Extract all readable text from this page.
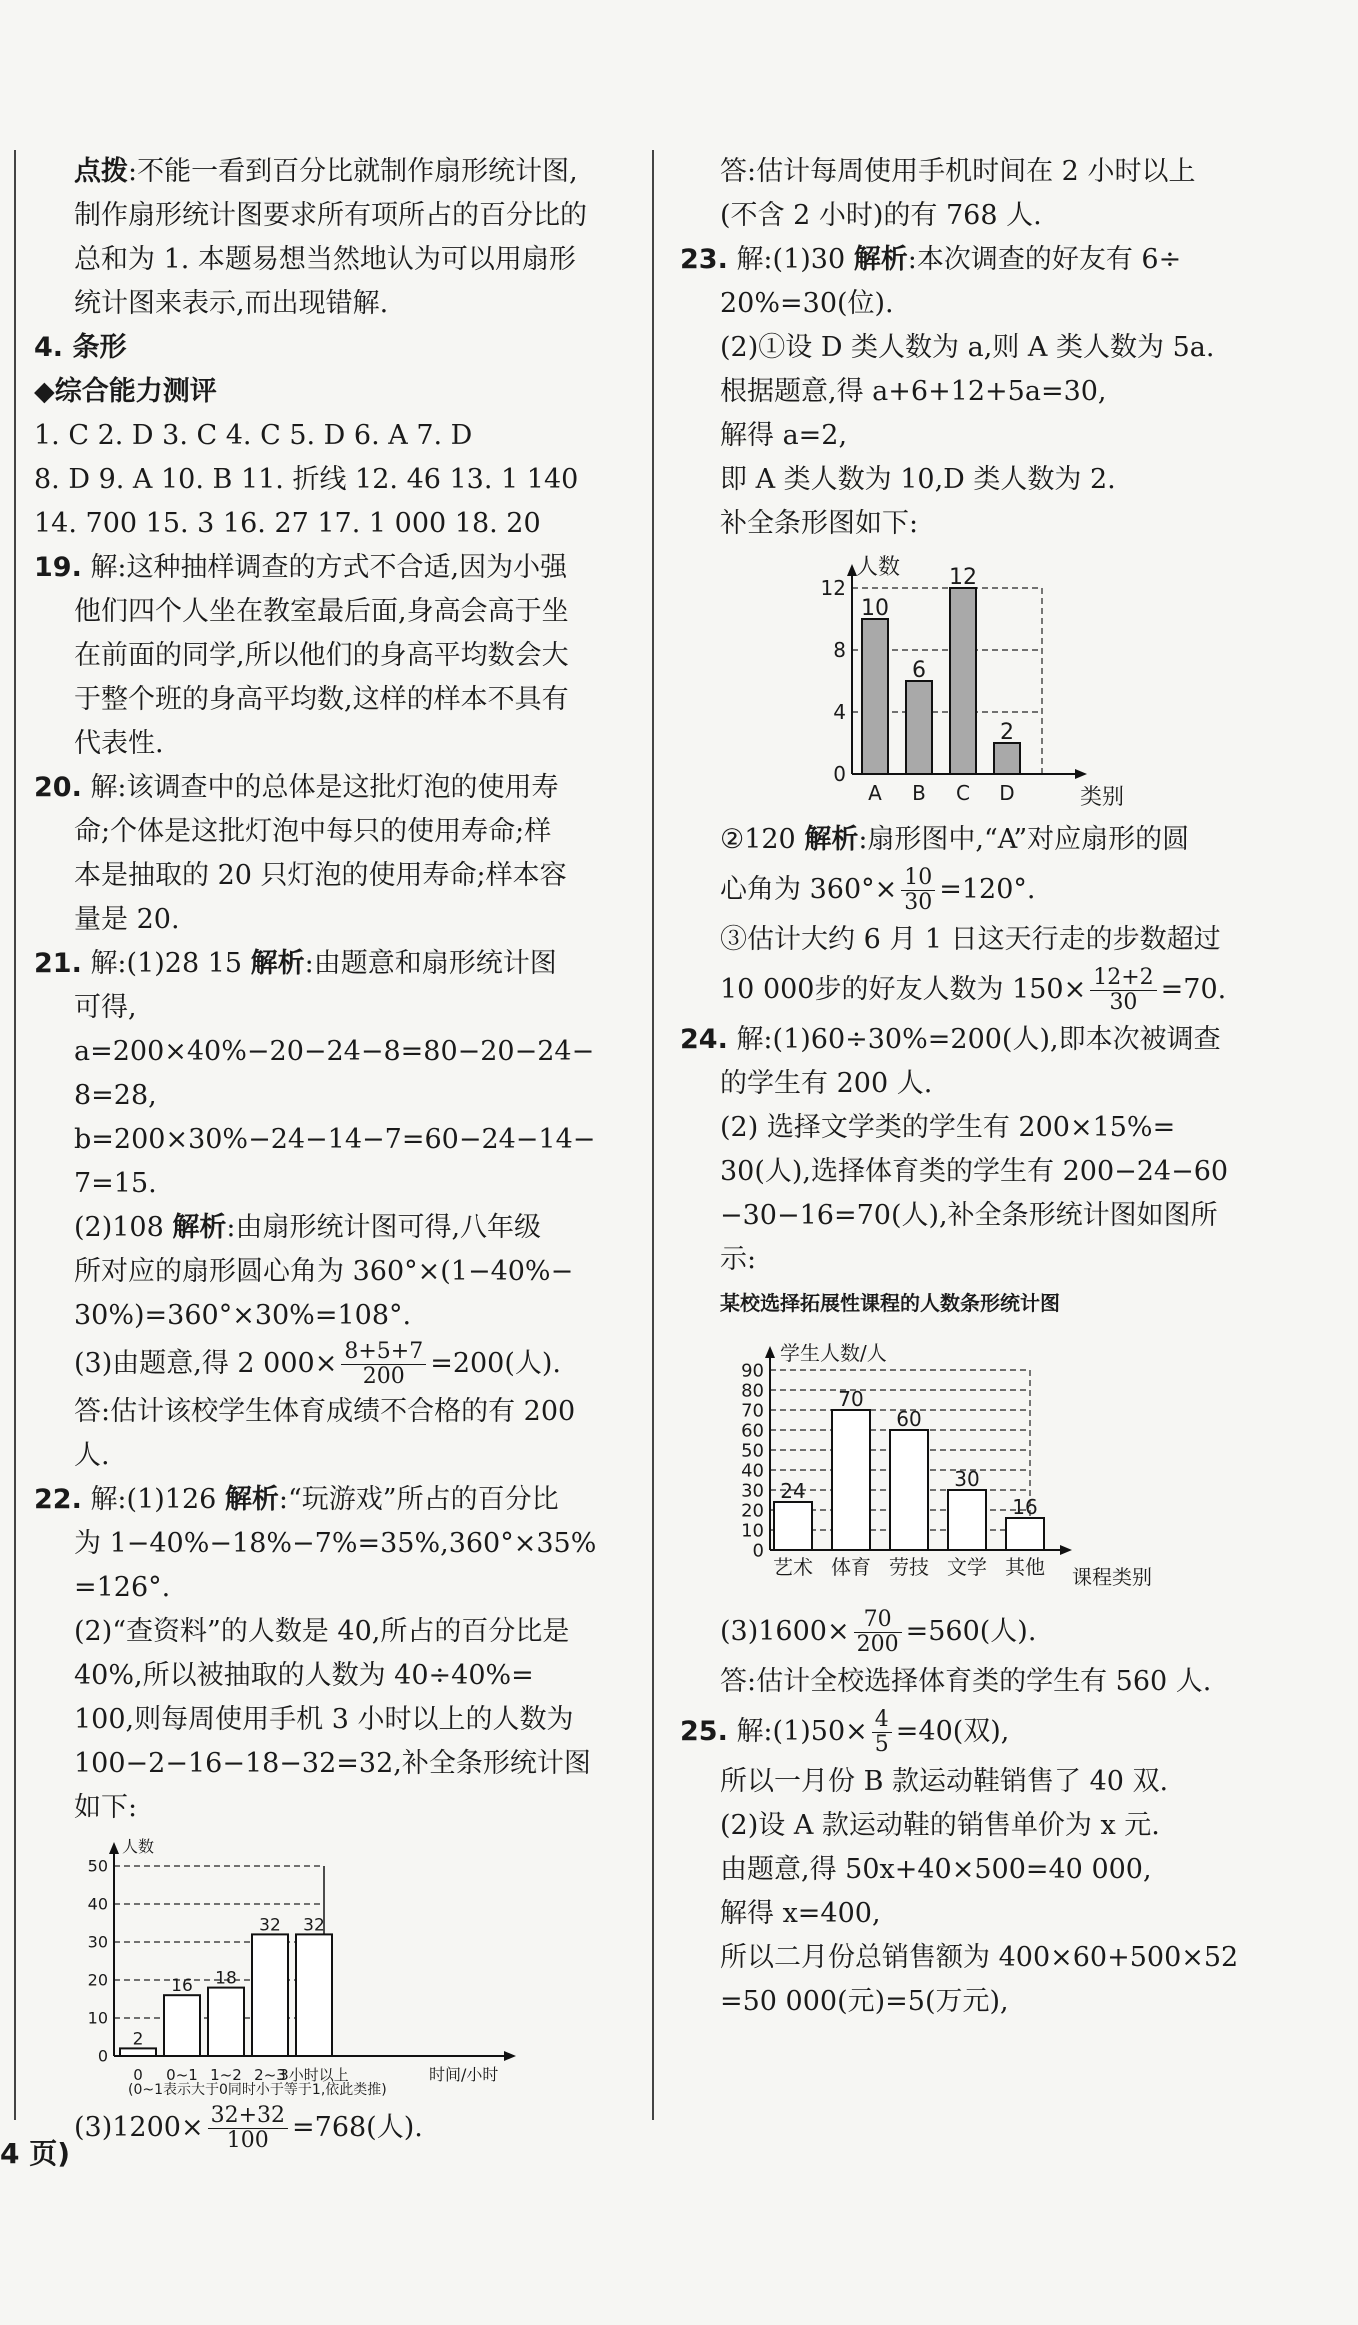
点拨:不能一看到百分比就制作扇形统计图,

制作扇形统计图要求所有项所占的百分比的

总和为 1. 本题易想当然地认为可以用扇形

统计图来表示,而出现错解.

4. 条形

◆综合能力测评

1. C 2. D 3. C 4. C 5. D 6. A 7. D

8. D 9. A 10. B 11. 折线 12. 46 13. 1 140

14. 700 15. 3 16. 27 17. 1 000 18. 20

19. 解:这种抽样调查的方式不合适,因为小强

他们四个人坐在教室最后面,身高会高于坐

在前面的同学,所以他们的身高平均数会大

于整个班的身高平均数,这样的样本不具有

代表性.

20. 解:该调查中的总体是这批灯泡的使用寿

命;个体是这批灯泡中每只的使用寿命;样

本是抽取的 20 只灯泡的使用寿命;样本容

量是 20.

21. 解:(1)28 15 解析:由题意和扇形统计图

可得,

a=200×40%−20−24−8=80−20−24−

8=28,

b=200×30%−24−14−7=60−24−14−

7=15.

(2)108 解析:由扇形统计图可得,八年级

所对应的扇形圆心角为 360°×(1−40%−

30%)=360°×30%=108°.

(3)由题意,得 2 $000\times \frac{8+5+7}{200} =200$(人).

答:估计该校学生体育成绩不合格的有 200

人.

22. 解:(1)126 解析:“玩游戏”所占的百分比

为 1−40%−18%−7%=35%,360°×35%

=126°.

(2)“查资料”的人数是 40,所占的百分比是

40%,所以被抽取的人数为 40÷40%=

100,则每周使用手机 3 小时以上的人数为

100−2−16−18−32=32,补全条形统计图

如下:

0
10
20
30
40
50
人数
时间/小时
2
0
16
0~1
18
1~2
32
2~3
32
3小时以上
(0~1表示大于0同时小于等于1,依此类推)

$(3)1200\times \frac{32+32}{100} =768$(人).

答:估计每周使用手机时间在 2 小时以上

(不含 2 小时)的有 768 人.

23. 解:(1)30 解析:本次调查的好友有 6÷

20%=30(位).

(2)①设 D 类人数为 a,则 A 类人数为 5a.

根据题意,得 a+6+12+5a=30,

解得 a=2,

即 A 类人数为 10,D 类人数为 2.

补全条形图如下:

0
4
8
12
人数
类别
10
A
6
B
12
C
2
D

②120 解析:扇形图中,“A”对应扇形的圆

心角为 $360^\circ\times \frac{10}{30} =120^\circ$.

③估计大约 6 月 1 日这天行走的步数超过

10 000步的好友人数为 $150\times \frac{12+2}{30} =70$.

24. 解:(1)60÷30%=200(人),即本次被调查

的学生有 200 人.

(2) 选择文学类的学生有 200×15%=

30(人),选择体育类的学生有 200−24−60

−30−16=70(人),补全条形统计图如图所

示:

某校选择拓展性课程的人数条形统计图
0
10
20
30
40
50
60
70
80
90
学生人数/人
课程类别
24
艺术
70
体育
60
劳技
30
文学
16
其他

$(3)1600\times \frac{70}{200} =560$(人).

答:估计全校选择体育类的学生有 560 人.

25. 解:(1)50× $\frac{4}{5} =40$(双),

所以一月份 B 款运动鞋销售了 40 双.

(2)设 A 款运动鞋的销售单价为 x 元.

由题意,得 50x+40×500=40 000,

解得 x=400,

所以二月份总销售额为 400×60+500×52

=50 000(元)=5(万元),

4 页)
